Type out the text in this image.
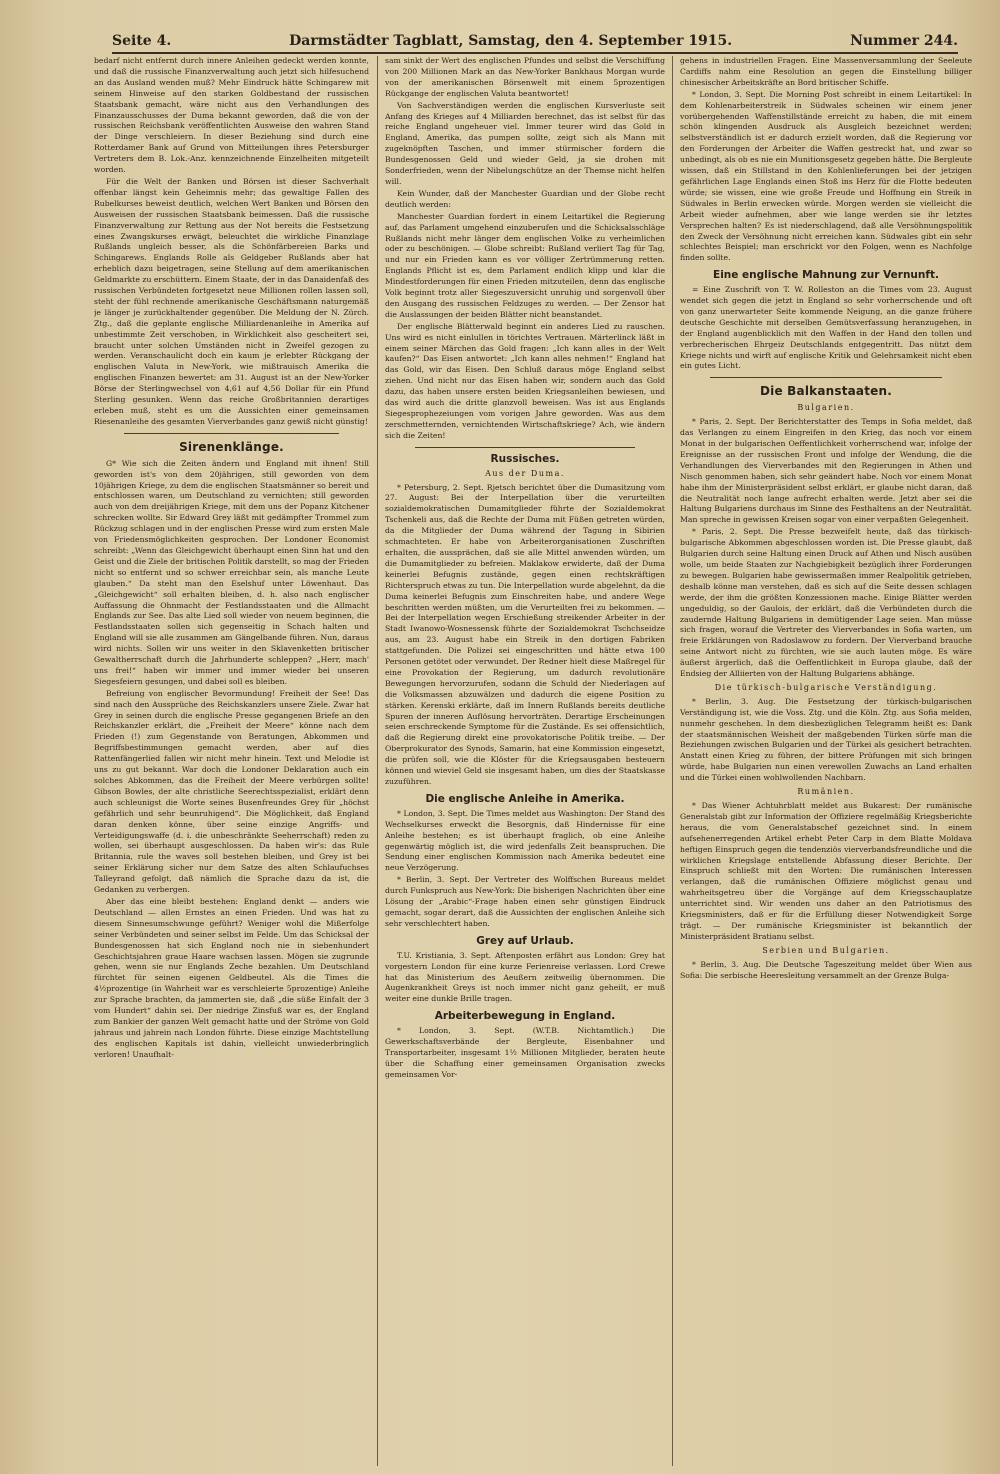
Seite 4.	Darmstädter Tagblatt, Samstag, den 4. September 1915.	Nummer 244.

bedarf nicht entfernt durch innere Anleihen gedeckt werden konnte, und daß die russische Finanzverwaltung auch jetzt sich hilfesuchend an das Ausland wenden muß? Mehr Eindruck hätte Schingarew mit seinem Hinweise auf den starken Goldbestand der russischen Staatsbank gemacht, wäre nicht aus den Verhandlungen des Finanzausschusses der Duma bekannt geworden, daß die von der russischen Reichsbank veröffentlichten Ausweise den wahren Stand der Dinge verschleiern. In dieser Beziehung sind durch eine Rotterdamer Bank auf Grund von Mitteilungen ihres Petersburger Vertreters dem B. Lok.-Anz. kennzeichnende Einzelheiten mitgeteilt worden.

Für die Welt der Banken und Börsen ist dieser Sachverhalt offenbar längst kein Geheimnis mehr; das gewaltige Fallen des Rubelkurses beweist deutlich, welchen Wert Banken und Börsen den Ausweisen der russischen Staatsbank beimessen. Daß die russische Finanzverwaltung zur Rettung aus der Not bereits die Festsetzung eines Zwangskurses erwägt, beleuchtet die wirkliche Finanzlage Rußlands ungleich besser, als die Schönfärbereien Barks und Schingarews. Englands Rolle als Geldgeber Rußlands aber hat erheblich dazu beigetragen, seine Stellung auf dem amerikanischen Geldmarkte zu erschüttern. Einem Staate, der in das Danaidenfaß des russischen Verbündeten fortgesetzt neue Millionen rollen lassen soll, steht der fühl rechnende amerikanische Geschäftsmann naturgemäß je länger je zurückhaltender gegenüber. Die Meldung der N. Zürch. Ztg., daß die geplante englische Milliardenanleihe in Amerika auf unbestimmte Zeit verschoben, in Wirklichkeit also gescheitert sei, braucht unter solchen Umständen nicht in Zweifel gezogen zu werden. Veranschaulicht doch ein kaum je erlebter Rückgang der englischen Valuta in New-York, wie mißtrauisch Amerika die englischen Finanzen bewertet: am 31. August ist an der New-Yorker Börse der Sterlingwechsel von 4,61 auf 4,56 Dollar für ein Pfund Sterling gesunken. Wenn das reiche Großbritannien derartiges erleben muß, steht es um die Aussichten einer gemeinsamen Riesenanleihe des gesamten Vierverbandes ganz gewiß nicht günstig!

Sirenenklänge.

G* Wie sich die Zeiten ändern und England mit ihnen! Still geworden ist's von dem 20jährigen, still geworden von dem 10jährigen Kriege, zu dem die englischen Staatsmänner so bereit und entschlossen waren, um Deutschland zu vernichten; still geworden auch von dem dreijährigen Kriege, mit dem uns der Popanz Kitchener schrecken wollte. Sir Edward Grey läßt mit gedämpfter Trommel zum Rückzug schlagen und in der englischen Presse wird zum ersten Male von Friedensmöglichkeiten gesprochen. Der Londoner Economist schreibt: „Wenn das Gleichgewicht überhaupt einen Sinn hat und den Geist und die Ziele der britischen Politik darstellt, so mag der Frieden nicht so entfernt und so schwer erreichbar sein, als manche Leute glauben.“ Da steht man den Eselshuf unter Löwenhaut. Das „Gleichgewicht“ soll erhalten bleiben, d. h. also nach englischer Auffassung die Ohnmacht der Festlandsstaaten und die Allmacht Englands zur See. Das alte Lied soll wieder von neuem beginnen, die Festlandsstaaten sollen sich gegenseitig in Schach halten und England will sie alle zusammen am Gängelbande führen. Nun, daraus wird nichts. Sollen wir uns weiter in den Sklavenketten britischer Gewaltherrschaft durch die Jahrhunderte schleppen? „Herr, mach' uns frei!“ haben wir immer und immer wieder bei unseren Siegesfeiern gesungen, und dabei soll es bleiben.

Befreiung von englischer Bevormundung! Freiheit der See! Das sind nach den Aussprüche des Reichskanzlers unsere Ziele. Zwar hat Grey in seinen durch die englische Presse gegangenen Briefe an den Reichskanzler erklärt, die „Freiheit der Meere“ könne nach dem Frieden (!) zum Gegenstande von Beratungen, Abkommen und Begriffsbestimmungen gemacht werden, aber auf dies Rattenfängerlied fallen wir nicht mehr hinein. Text und Melodie ist uns zu gut bekannt. War doch die Londoner Deklaration auch ein solches Abkommen, das die Freiheit der Meere verbürgen sollte! Gibson Bowles, der alte christliche Seerechtsspezialist, erklärt denn auch schleunigst die Worte seines Busenfreundes Grey für „höchst gefährlich und sehr beunruhigend“. Die Möglichkeit, daß England daran denken könne, über seine einzige Angriffs- und Verteidigungswaffe (d. i. die unbeschränkte Seeherrschaft) reden zu wollen, sei überhaupt ausgeschlossen. Da haben wir's: das Rule Britannia, rule the waves soll bestehen bleiben, und Grey ist bei seiner Erklärung sicher nur dem Satze des alten Schlaufuchses Talleyrand gefolgt, daß nämlich die Sprache dazu da ist, die Gedanken zu verbergen.

Aber das eine bleibt bestehen: England denkt — anders wie Deutschland — allen Ernstes an einen Frieden. Und was hat zu diesem Sinnesumschwunge geführt? Weniger wohl die Mißerfolge seiner Verbündeten und seiner selbst im Felde. Um das Schicksal der Bundesgenossen hat sich England noch nie in siebenhundert Geschichtsjahren graue Haare wachsen lassen. Mögen sie zugrunde gehen, wenn sie nur Englands Zeche bezahlen. Um Deutschland fürchtet für seinen eigenen Geldbeutel. Als die Times die 4½prozentige (in Wahrheit war es verschleierte 5prozentige) Anleihe zur Sprache brachten, da jammerten sie, daß „die süße Einfalt der 3 vom Hundert“ dahin sei. Der niedrige Zinsfuß war es, der England zum Bankier der ganzen Welt gemacht hatte und der Ströme von Gold jahraus und jahrein nach London führte. Diese einzige Machtstellung des englischen Kapitals ist dahin, vielleicht unwiederbringlich verloren! Unaufhalt-

sam sinkt der Wert des englischen Pfundes und selbst die Verschiffung von 200 Millionen Mark an das New-Yorker Bankhaus Morgan wurde von der amerikanischen Börsenwelt mit einem 5prozentigen Rückgange der englischen Valuta beantwortet!

Von Sachverständigen werden die englischen Kursverluste seit Anfang des Krieges auf 4 Milliarden berechnet, das ist selbst für das reiche England ungeheuer viel. Immer teurer wird das Gold in England, Amerika, das pumpen sollte, zeigt sich als Mann mit zugeknöpften Taschen, und immer stürmischer fordern die Bundesgenossen Geld und wieder Geld, ja sie drohen mit Sonderfrieden, wenn der Nibelungschütze an der Themse nicht helfen will.

Kein Wunder, daß der Manchester Guardian und der Globe recht deutlich werden:

Manchester Guardian fordert in einem Leitartikel die Regierung auf, das Parlament umgehend einzuberufen und die Schicksalsschläge Rußlands nicht mehr länger dem englischen Volke zu verheimlichen oder zu beschönigen. — Globe schreibt: Rußland verliert Tag für Tag, und nur ein Frieden kann es vor völliger Zertrümmerung retten. Englands Pflicht ist es, dem Parlament endlich klipp und klar die Mindestforderungen für einen Frieden mitzuteilen, denn das englische Volk beginnt trotz aller Siegeszuversicht unruhig und sorgenvoll über den Ausgang des russischen Feldzuges zu werden. — Der Zensor hat die Auslassungen der beiden Blätter nicht beanstandet.

Der englische Blätterwald beginnt ein anderes Lied zu rauschen. Uns wird es nicht einlullen in törichtes Vertrauen. Märterlinck läßt in einem seiner Märchen das Gold fragen: „Ich kann alles in der Welt kaufen?“ Das Eisen antwortet: „Ich kann alles nehmen!“ England hat das Gold, wir das Eisen. Den Schluß daraus möge England selbst ziehen. Und nicht nur das Eisen haben wir, sondern auch das Gold dazu, das haben unsere ersten beiden Kriegsanleihen bewiesen, und das wird auch die dritte glanzvoll beweisen. Was ist aus Englands Siegesprophezeiungen vom vorigen Jahre geworden. Was aus dem zerschmetternden, vernichtenden Wirtschaftskriege? Ach, wie ändern sich die Zeiten!

Russisches.
Aus der Duma.

* Petersburg, 2. Sept. Rjetsch berichtet über die Dumasitzung vom 27. August: Bei der Interpellation über die verurteilten sozialdemokratischen Dumamitglieder führte der Sozialdemokrat Tschenkeli aus, daß die Rechte der Duma mit Füßen getreten würden, da die Mitglieder der Duma während der Tagung in Sibirien schmachteten. Er habe von Arbeiterorganisationen Zuschriften erhalten, die aussprächen, daß sie alle Mittel anwenden würden, um die Dumamitglieder zu befreien. Maklakow erwiderte, daß der Duma keinerlei Befugnis zustände, gegen einen rechtskräftigen Richterspruch etwas zu tun. Die Interpellation wurde abgelehnt, da die Duma keinerlei Befugnis zum Einschreiten habe, und andere Wege beschritten werden müßten, um die Verurteilten frei zu bekommen. — Bei der Interpellation wegen Erschießung streikender Arbeiter in der Stadt Iwanowo-Wosnessensk führte der Sozialdemokrat Tschchseidze aus, am 23. August habe ein Streik in den dortigen Fabriken stattgefunden. Die Polizei sei eingeschritten und hätte etwa 100 Personen getötet oder verwundet. Der Redner hielt diese Maßregel für eine Provokation der Regierung, um dadurch revolutionäre Bewegungen hervorzurufen, sodann die Schuld der Niederlagen auf die Volksmassen abzuwälzen und dadurch die eigene Position zu stärken. Kerenski erklärte, daß im Innern Rußlands bereits deutliche Spuren der inneren Auflösung hervorträten. Derartige Erscheinungen seien erschreckende Symptome für die Zustände. Es sei offensichtlich, daß die Regierung direkt eine provokatorische Politik treibe. — Der Oberprokurator des Synods, Samarin, hat eine Kommission eingesetzt, die prüfen soll, wie die Klöster für die Kriegsausgaben besteuern können und wieviel Geld sie insgesamt haben, um dies der Staatskasse zuzuführen.

Die englische Anleihe in Amerika.

* London, 3. Sept. Die Times meldet aus Washington: Der Stand des Wechselkurses erweckt die Besorgnis, daß Hindernisse für eine Anleihe bestehen; es ist überhaupt fraglich, ob eine Anleihe gegenwärtig möglich ist, die wird jedenfalls Zeit beanspruchen. Die Sendung einer englischen Kommission nach Amerika bedeutet eine neue Verzögerung.

* Berlin, 3. Sept. Der Vertreter des Wolffschen Bureaus meldet durch Funkspruch aus New-York: Die bisherigen Nachrichten über eine Lösung der „Arabic“-Frage haben einen sehr günstigen Eindruck gemacht, sogar derart, daß die Aussichten der englischen Anleihe sich sehr verschlechtert haben.

Grey auf Urlaub.

T.U. Kristiania, 3. Sept. Aftenposten erfährt aus London: Grey hat vorgestern London für eine kurze Ferienreise verlassen. Lord Crewe hat das Ministerium des Aeußern zeitweilig übernommen. Die Augenkrankheit Greys ist noch immer nicht ganz geheilt, er muß weiter eine dunkle Brille tragen.

Arbeiterbewegung in England.

* London, 3. Sept. (W.T.B. Nichtamtlich.) Die Gewerkschaftsverbände der Bergleute, Eisenbahner und Transportarbeiter, insgesamt 1½ Millionen Mitglieder, beraten heute über die Schaffung einer gemeinsamen Organisation zwecks gemeinsamen Vor-

gehens in industriellen Fragen. Eine Massenversammlung der Seeleute Cardiffs nahm eine Resolution an gegen die Einstellung billiger chinesischer Arbeitskräfte an Bord britischer Schiffe.

* London, 3. Sept. Die Morning Post schreibt in einem Leitartikel: In dem Kohlenarbeiterstreik in Südwales scheinen wir einem jener vorübergehenden Waffenstillstände erreicht zu haben, die mit einem schön klingenden Ausdruck als Ausgleich bezeichnet werden; selbstverständlich ist er dadurch erzielt worden, daß die Regierung vor den Forderungen der Arbeiter die Waffen gestreckt hat, und zwar so unbedingt, als ob es nie ein Munitionsgesetz gegeben hätte. Die Bergleute wissen, daß ein Stillstand in den Kohlenlieferungen bei der jetzigen gefährlichen Lage Englands einen Stoß ins Herz für die Flotte bedeuten würde; sie wissen, eine wie große Freude und Hoffnung ein Streik in Südwales in Berlin erwecken würde. Morgen werden sie vielleicht die Arbeit wieder aufnehmen, aber wie lange werden sie ihr letztes Versprechen halten? Es ist niederschlagend, daß alle Versöhnungspolitik den Zweck der Versöhnung nicht erreichen kann. Südwales gibt ein sehr schlechtes Beispiel; man erschrickt vor den Folgen, wenn es Nachfolge finden sollte.

Eine englische Mahnung zur Vernunft.

= Eine Zuschrift von T. W. Rolleston an die Times vom 23. August wendet sich gegen die jetzt in England so sehr vorherrschende und oft von ganz unerwarteter Seite kommende Neigung, an die ganze frühere deutsche Geschichte mit derselben Gemütsverfassung heranzugehen, in der England augenblicklich mit den Waffen in der Hand den tollen und verbrecherischen Ehrgeiz Deutschlands entgegentritt. Das nützt dem Kriege nichts und wirft auf englische Kritik und Gelehrsamkeit nicht eben ein gutes Licht.

Die Balkanstaaten.
Bulgarien.

* Paris, 2. Sept. Der Berichterstatter des Temps in Sofia meldet, daß das Verlangen zu einem Eingreifen in den Krieg, das noch vor einem Monat in der bulgarischen Oeffentlichkeit vorherrschend war, infolge der Ereignisse an der russischen Front und infolge der Wendung, die die Verhandlungen des Vierverbandes mit den Regierungen in Athen und Nisch genommen haben, sich sehr geändert habe. Noch vor einem Monat habe ihm der Ministerpräsident selbst erklärt, er glaube nicht daran, daß die Neutralität noch lange aufrecht erhalten werde. Jetzt aber sei die Haltung Bulgariens durchaus im Sinne des Festhaltens an der Neutralität. Man spreche in gewissen Kreisen sogar von einer verpaßten Gelegenheit.

* Paris, 2. Sept. Die Presse bezweifelt heute, daß das türkisch-bulgarische Abkommen abgeschlossen worden ist. Die Presse glaubt, daß Bulgarien durch seine Haltung einen Druck auf Athen und Nisch ausüben wolle, um beide Staaten zur Nachgiebigkeit bezüglich ihrer Forderungen zu bewegen. Bulgarien habe gewissermaßen immer Realpolitik getrieben, deshalb könne man verstehen, daß es sich auf die Seite dessen schlagen werde, der ihm die größten Konzessionen mache. Einige Blätter werden ungeduldig, so der Gaulois, der erklärt, daß die Verbündeten durch die zaudernde Haltung Bulgariens in demütigender Lage seien. Man müsse sich fragen, worauf die Vertreter des Vierverbandes in Sofia warten, um freie Erklärungen von Radoslawow zu fordern. Der Vierverband brauche seine Antwort nicht zu fürchten, wie sie auch lauten möge. Es wäre äußerst ärgerlich, daß die Oeffentlichkeit in Europa glaube, daß der Endsieg der Alliierten von der Haltung Bulgariens abhänge.

Die türkisch-bulgarische Verständigung.

* Berlin, 3. Aug. Die Festsetzung der türkisch-bulgarischen Verständigung ist, wie die Voss. Ztg. und die Köln. Ztg. aus Sofia melden, nunmehr geschehen. In dem diesbezüglichen Telegramm heißt es: Dank der staatsmännischen Weisheit der maßgebenden Türken sürfe man die Beziehungen zwischen Bulgarien und der Türkei als gesichert betrachten. Anstatt einen Krieg zu führen, der bittere Prüfungen mit sich bringen würde, habe Bulgarien nun einen verewollen Zuwachs an Land erhalten und die Türkei einen wohlwollenden Nachbarn.

Rumänien.

* Das Wiener Achtuhrblatt meldet aus Bukarest: Der rumänische Generalstab gibt zur Information der Offiziere regelmäßig Kriegsberichte heraus, die vom Generalstabschef gezeichnet sind. In einem aufsehenerregenden Artikel erhebt Peter Carp in dem Blatte Moldava heftigen Einspruch gegen die tendenziös vierverbandsfreundliche und die wirklichen Kriegslage entstellende Abfassung dieser Berichte. Der Einspruch schließt mit den Worten: Die rumänischen Interessen verlangen, daß die rumänischen Offiziere möglichst genau und wahrheitsgetreu über die Vorgänge auf dem Kriegsschauplatze unterrichtet sind. Wir wenden uns daher an den Patriotismus des Kriegsministers, daß er für die Erfüllung dieser Notwendigkeit Sorge trägt. — Der rumänische Kriegsminister ist bekanntlich der Ministerpräsident Bratianu selbst.

Serbien und Bulgarien.

* Berlin, 3. Aug. Die Deutsche Tageszeitung meldet über Wien aus Sofia: Die serbische Heeresleitung versammelt an der Grenze Bulga-
